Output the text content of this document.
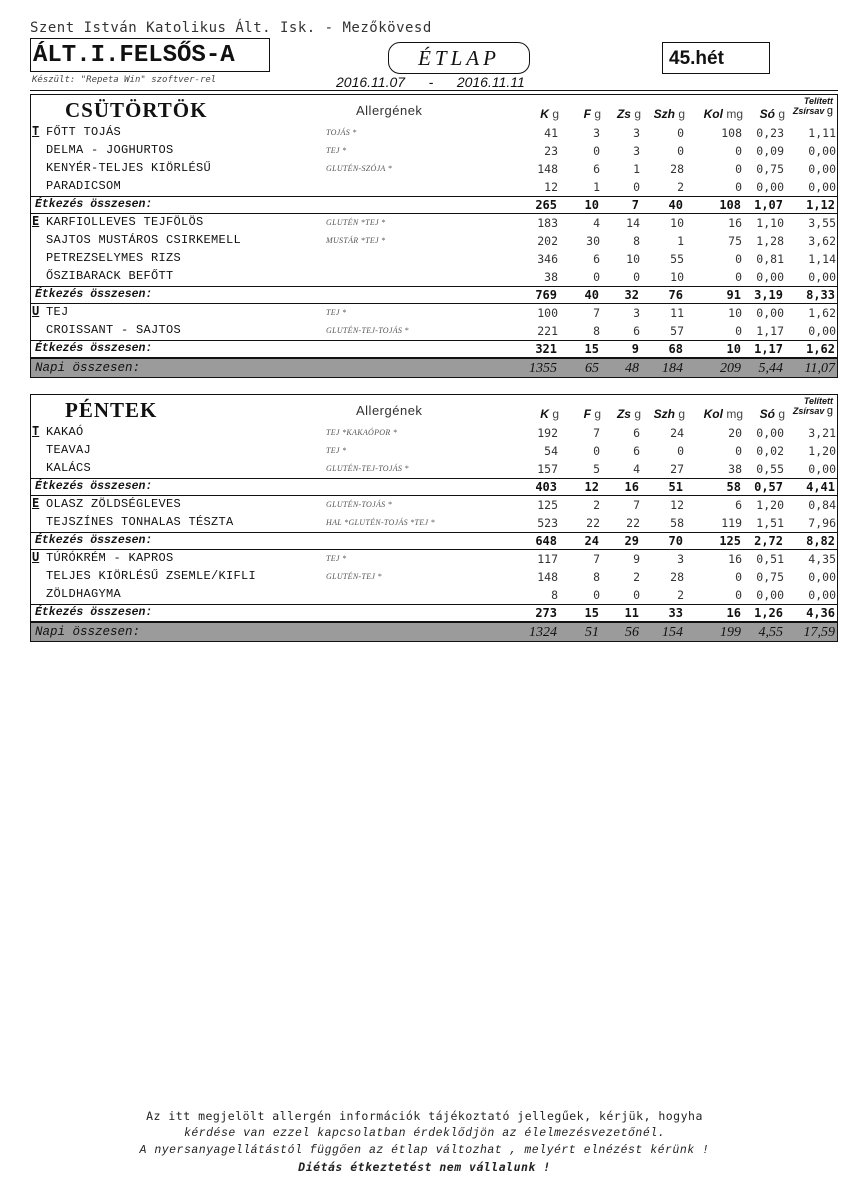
Szent István Katolikus Ált. Isk. - Mezőkövesd
ÁLT.I.FELSŐS-A
Készült: "Repeta Win" szoftver-rel
ÉTLAP	45.hét
2016.11.07 - 2016.11.11
CSÜTÖRTÖK	Allergének	K g F g Zs g Szh g Kol mg Só g
Telített
Zsírsav g
T FŐTT TOJÁS	TOJÁS *	41	3	3	0	108 0,23 1,11
DELMA - JOGHURTOS	TEJ *	23	0	3	0	0 0,09 0,00
KENYÉR-TELJES KIÖRLÉSŰ	GLUTÉN-SZÓJA *	148	6	1	28	0 0,75 0,00
PARADICSOM	12	1	0	2	0 0,00 0,00
Étkezés összesen:	265 10	7 40	108 1,07 1,12
E KARFIOLLEVES TEJFÖLÖS	GLUTÉN *TEJ *	183	4 14	10	16 1,10 3,55
SAJTOS MUSTÁROS CSIRKEMELL	MUSTÁR *TEJ *	202 30	8	1	75 1,28 3,62
PETREZSELYMES RIZS	346	6 10	55	0 0,81 1,14
ŐSZIBARACK BEFŐTT	38	0	0	10	0 0,00 0,00
Étkezés összesen:	769 40 32 76	91 3,19 8,33
U TEJ	TEJ *	100	7	3	11	10 0,00 1,62
CROISSANT - SAJTOS	GLUTÉN-TEJ-TOJÁS *	221	8	6	57	0 1,17 0,00
Étkezés összesen:	321 15	9 68	10 1,17 1,62
Napi összesen:	1355 65 48 184	209 5,44 11,07
PÉNTEK	Allergének	K g F g Zs g Szh g Kol mg Só g
Telített
Zsírsav g
T KAKAÓ	TEJ *KAKAÓPOR *	192	7	6	24	20 0,00 3,21
TEAVAJ	TEJ *	54	0	6	0	0 0,02 1,20
KALÁCS	GLUTÉN-TEJ-TOJÁS *	157	5	4	27	38 0,55 0,00
Étkezés összesen:	403 12 16 51	58 0,57 4,41
E OLASZ ZÖLDSÉGLEVES	GLUTÉN-TOJÁS *	125	2	7	12	6 1,20 0,84
TEJSZÍNES TONHALAS TÉSZTA	HAL *GLUTÉN-TOJÁS *TEJ *	523 22 22	58	119 1,51 7,96
Étkezés összesen:	648 24 29 70	125 2,72 8,82
U TÚRÓKRÉM - KAPROS	TEJ *	117	7	9	3	16 0,51 4,35
TELJES KIÖRLÉSŰ ZSEMLE/KIFLI	GLUTÉN-TEJ *	148	8	2	28	0 0,75 0,00
ZÖLDHAGYMA	8	0	0	2	0 0,00 0,00
Étkezés összesen:	273 15 11 33	16 1,26 4,36
Napi összesen:	1324 51 56 154	199 4,55 17,59
Az itt megjelölt allergén információk tájékoztató jellegűek, kérjük, hogyha
kérdése van ezzel kapcsolatban érdeklődjön az élelmezésvezetőnél.
A nyersanyagellátástól függően az étlap változhat , melyért elnézést kérünk !
Diétás étkeztetést nem vállalunk !
